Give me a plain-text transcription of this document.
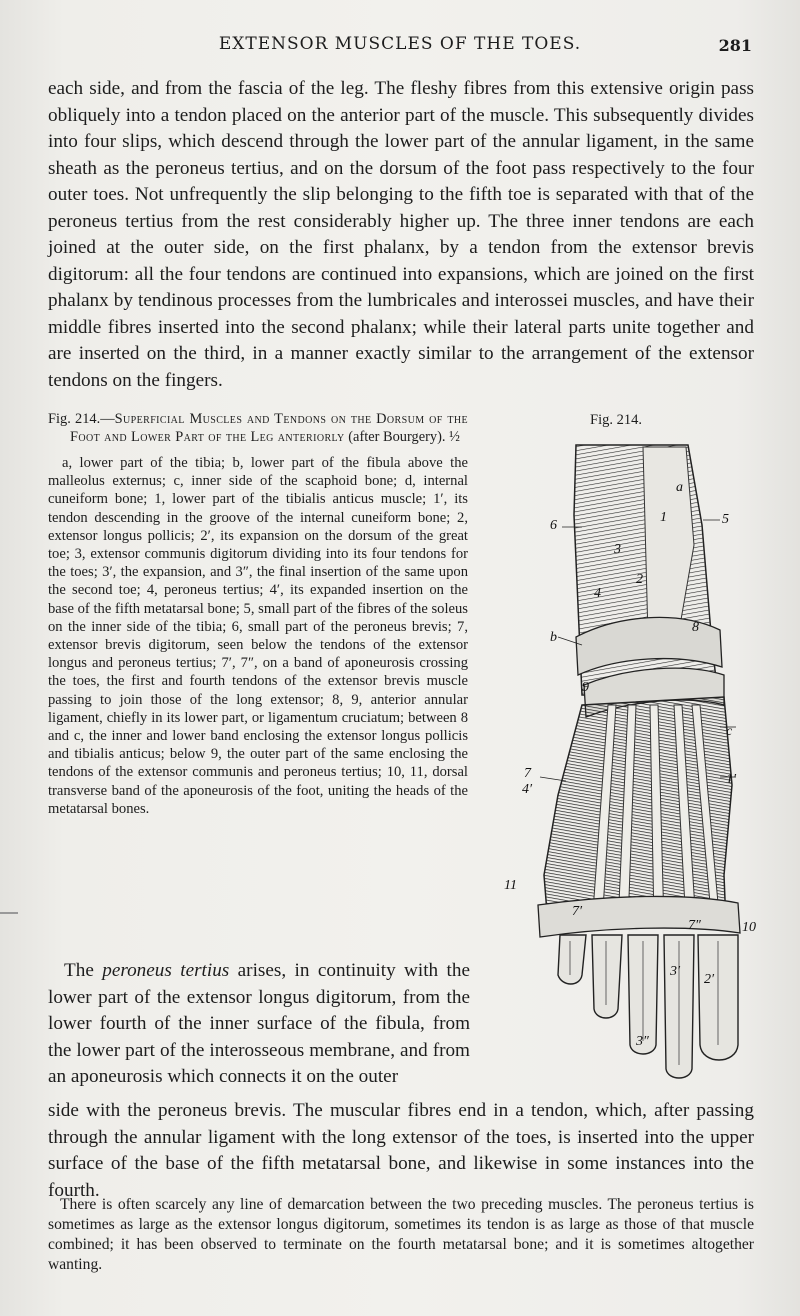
EXTENSOR MUSCLES OF THE TOES.	281

each side, and from the fascia of the leg. The fleshy fibres from this extensive origin pass obliquely into a tendon placed on the anterior part of the muscle. This subsequently divides into four slips, which descend through the lower part of the annular ligament, in the same sheath as the peroneus tertius, and on the dorsum of the foot pass respectively to the four outer toes. Not unfrequently the slip belonging to the fifth toe is separated with that of the peroneus tertius from the rest considerably higher up. The three inner tendons are each joined at the outer side, on the first phalanx, by a tendon from the extensor brevis digitorum: all the four tendons are continued into expansions, which are joined on the first phalanx by tendinous processes from the lumbricales and interossei muscles, and have their middle fibres inserted into the second phalanx; while their lateral parts unite together and are inserted on the third, in a manner exactly similar to the arrangement of the extensor tendons on the fingers.

Fig. 214.—Superficial Muscles and Tendons on the Dorsum of the Foot and Lower Part of the Leg anteriorly (after Bourgery). ½

a, lower part of the tibia; b, lower part of the fibula above the malleolus externus; c, inner side of the scaphoid bone; d, internal cuneiform bone; 1, lower part of the tibialis anticus muscle; 1′, its tendon descending in the groove of the internal cuneiform bone; 2, extensor longus pollicis; 2′, its expansion on the dorsum of the great toe; 3, extensor communis digitorum dividing into its four tendons for the toes; 3′, the expansion, and 3″, the final insertion of the same upon the second toe; 4, peroneus tertius; 4′, its expanded insertion on the base of the fifth metatarsal bone; 5, small part of the fibres of the soleus on the inner side of the tibia; 6, small part of the peroneus brevis; 7, extensor brevis digitorum, seen below the tendons of the extensor longus and peroneus tertius; 7′, 7″, on a band of aponeurosis crossing the toes, the first and fourth tendons of the extensor brevis muscle passing to join those of the long extensor; 8, 9, anterior annular ligament, chiefly in its lower part, or ligamentum cruciatum; between 8 and c, the inner and lower band enclosing the extensor longus pollicis and tibialis anticus; below 9, the outer part of the same enclosing the tendons of the extensor communis and peroneus tertius; 10, 11, dorsal transverse band of the aponeurosis of the foot, uniting the heads of the metatarsal bones.

Fig. 214.
a
b
c
1
1′
2
2′
3
3′
3″
4
4′
5
6
7
7′
7″
8
9
10
11

The peroneus tertius arises, in continuity with the lower part of the extensor longus digitorum, from the lower fourth of the inner surface of the fibula, from the lower part of the interosseous membrane, and from an aponeurosis which connects it on the outer

side with the peroneus brevis. The muscular fibres end in a tendon, which, after passing through the annular ligament with the long extensor of the toes, is inserted into the upper surface of the base of the fifth metatarsal bone, and likewise in some instances into the fourth.

There is often scarcely any line of demarcation between the two preceding muscles. The peroneus tertius is sometimes as large as the extensor longus digitorum, sometimes its tendon is as large as those of that muscle combined; it has been observed to terminate on the fourth metatarsal bone; and it is sometimes altogether wanting.
